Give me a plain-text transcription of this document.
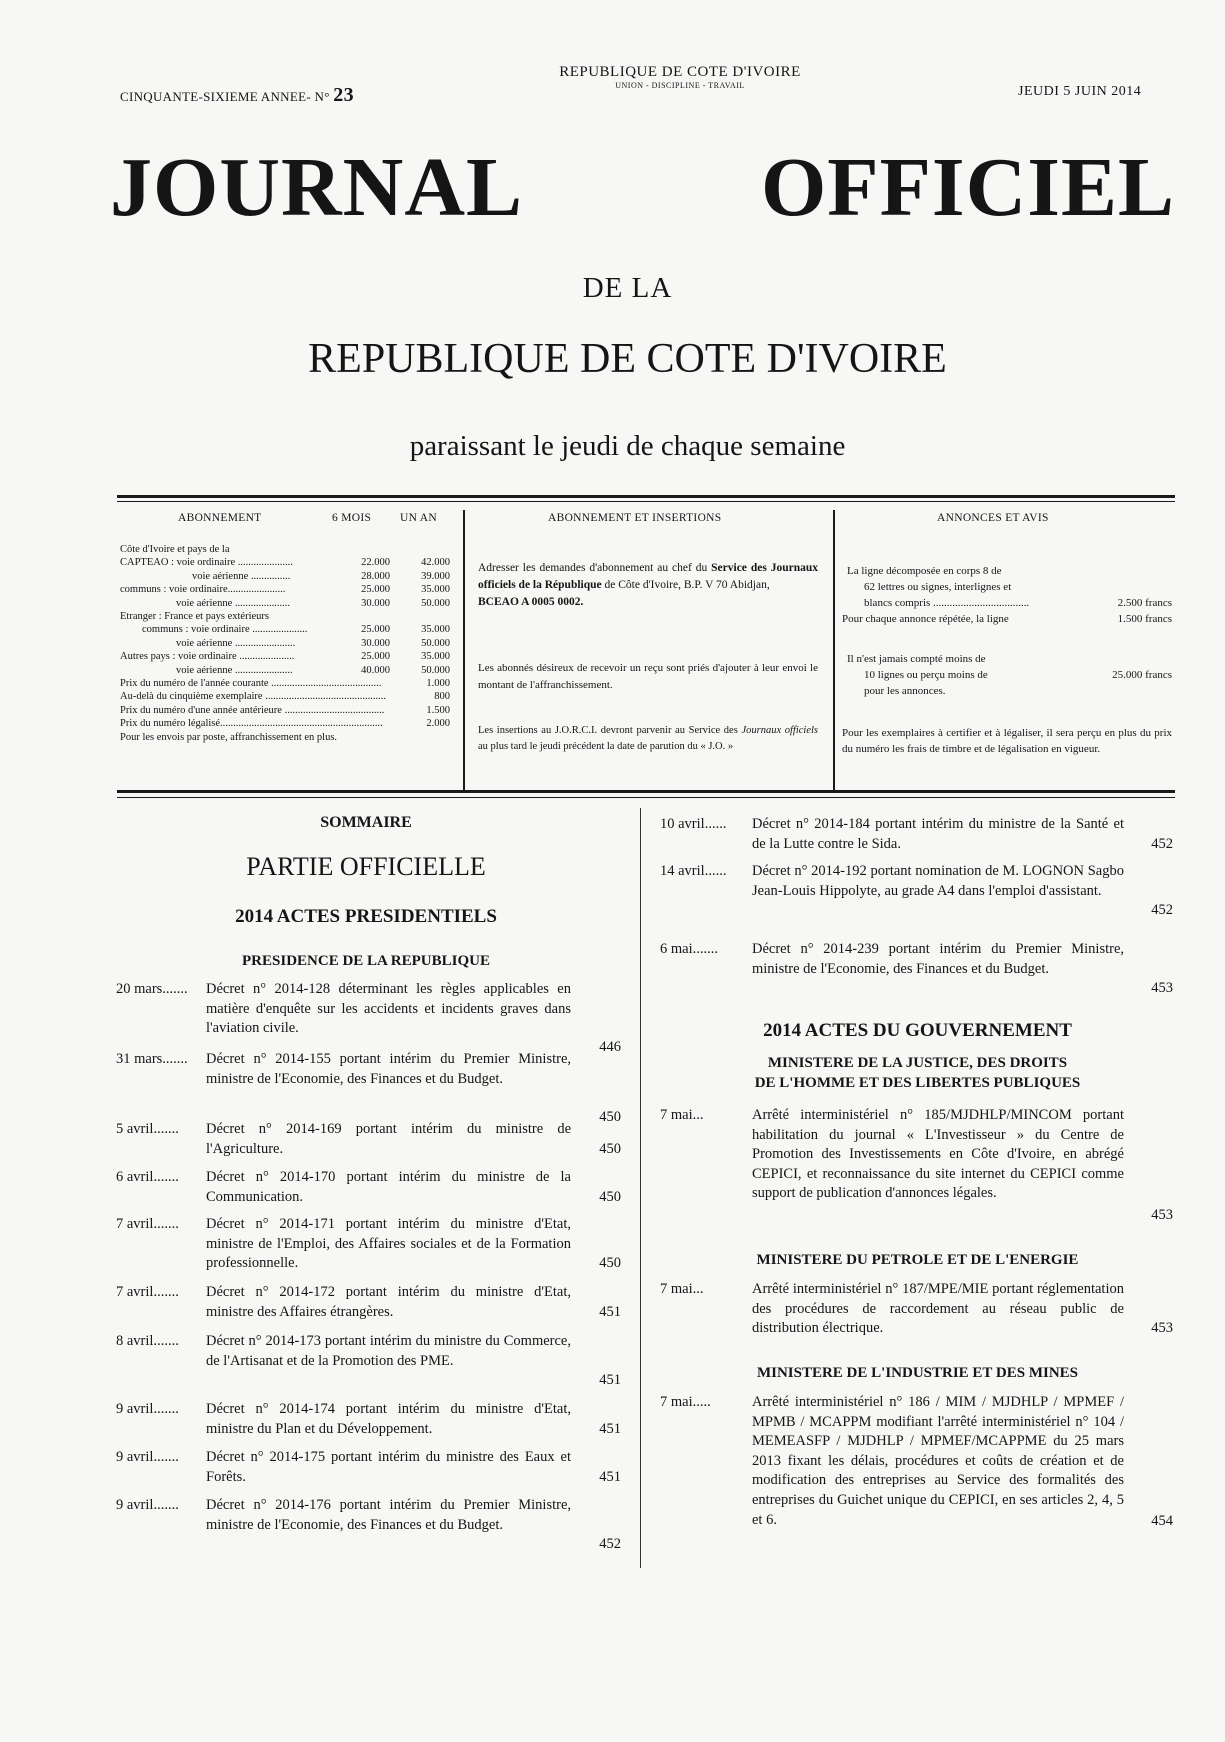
CINQUANTE-SIXIEME ANNEE- N° 23
REPUBLIQUE DE COTE D'IVOIRE
UNION - DISCIPLINE - TRAVAIL	JEUDI 5 JUIN 2014
JOURNAL	OFFICIEL
DE LA
REPUBLIQUE DE COTE D'IVOIRE
paraissant le jeudi de chaque semaine
ABONNEMENT	6 MOIS	UN AN
Côte d'Ivoire et pays de la
CAPTEAO : voie ordinaire .....................	22.000	42.000
voie aérienne ...............	28.000	39.000
communs : voie ordinaire......................	25.000	35.000
voie aérienne .....................	30.000	50.000
Etranger : France et pays extérieurs
communs : voie ordinaire .....................	25.000	35.000
voie aérienne .......................	30.000	50.000
Autres pays : voie ordinaire .....................	25.000	35.000
voie aérienne ......................	40.000	50.000
Prix du numéro de l'année courante ..........................................	1.000
Au-delà du cinquième exemplaire ..............................................	800
Prix du numéro d'une année antérieure ......................................	1.500
Prix du numéro légalisé..............................................................	2.000
Pour les envois par poste, affranchissement en plus.
ABONNEMENT ET INSERTIONS
Adresser les demandes d'abonnement au chef du Service des Journaux officiels de la République de Côte d'Ivoire, B.P. V 70 Abidjan,
BCEAO A 0005 0002.
Les abonnés désireux de recevoir un reçu sont priés d'ajouter à leur envoi le montant de l'affranchissement.
Les insertions au J.O.R.C.I. devront parvenir au Service des Journaux officiels au plus tard le jeudi précédent la date de parution du « J.O. »
ANNONCES ET AVIS
La ligne décomposée en corps 8 de
62 lettres ou signes, interlignes et
blancs compris ...................................	2.500 francs
Pour chaque annonce répétée, la ligne	1.500 francs
Il n'est jamais compté moins de
10 lignes ou perçu moins de	25.000 francs
pour les annonces.
Pour les exemplaires à certifier et à légaliser, il sera perçu en plus du prix du numéro les frais de timbre et de légalisation en vigueur.
SOMMAIRE
PARTIE OFFICIELLE
2014 ACTES PRESIDENTIELS
PRESIDENCE DE LA REPUBLIQUE
2014 ACTES DU GOUVERNEMENT
MINISTERE DE LA JUSTICE, DES DROITS
DE L'HOMME ET DES LIBERTES PUBLIQUES
MINISTERE DU PETROLE ET DE L'ENERGIE
MINISTERE DE L'INDUSTRIE ET DES MINES
20 mars....... Décret n° 2014-128 déterminant les règles applicables en matière d'enquête sur les accidents et incidents graves dans l'aviation civile.
446
31 mars....... Décret n° 2014-155 portant intérim du Premier Ministre, ministre de l'Economie, des Finances et du Budget.
450
5 avril....... Décret n° 2014-169 portant intérim du ministre de l'Agriculture.	450
6 avril....... Décret n° 2014-170 portant intérim du ministre de la Communication.	450
7 avril....... Décret n° 2014-171 portant intérim du ministre d'Etat, ministre de l'Emploi, des Affaires sociales et de la Formation professionnelle.	450
7 avril....... Décret n° 2014-172 portant intérim du ministre d'Etat, ministre des Affaires étrangères.	451
8 avril....... Décret n° 2014-173 portant intérim du ministre du Commerce, de l'Artisanat et de la Promotion des PME.
451
9 avril....... Décret n° 2014-174 portant intérim du ministre d'Etat, ministre du Plan et du Développement.	451
9 avril....... Décret n° 2014-175 portant intérim du ministre des Eaux et Forêts.	451
9 avril....... Décret n° 2014-176 portant intérim du Premier Ministre, ministre de l'Economie, des Finances et du Budget.
452
10 avril...... Décret n° 2014-184 portant intérim du ministre de la Santé et de la Lutte contre le Sida.	452
14 avril...... Décret n° 2014-192 portant nomination de M. LOGNON Sagbo Jean-Louis Hippolyte, au grade A4 dans l'emploi d'assistant.
452
6 mai....... Décret n° 2014-239 portant intérim du Premier Ministre, ministre de l'Economie, des Finances et du Budget.
453
7 mai...	Arrêté interministériel n° 185/MJDHLP/MINCOM portant habilitation du journal « L'Investisseur » du Centre de Promotion des Investissements en Côte d'Ivoire, en abrégé CEPICI, et reconnaissance du site internet du CEPICI comme support de publication d'annonces légales.
453
7 mai...	Arrêté interministériel n° 187/MPE/MIE portant réglementation des procédures de raccordement au réseau public de distribution électrique.	453
7 mai.....	Arrêté interministériel n° 186 / MIM / MJDHLP / MPMEF / MPMB / MCAPPM modifiant l'arrêté interministériel n° 104 / MEMEASFP / MJDHLP / MPMEF/MCAPPME du 25 mars 2013 fixant les délais, procédures et coûts de création et de modification des entreprises au Service des formalités des entreprises du Guichet unique du CEPICI, en ses articles 2, 4, 5 et 6.	454
